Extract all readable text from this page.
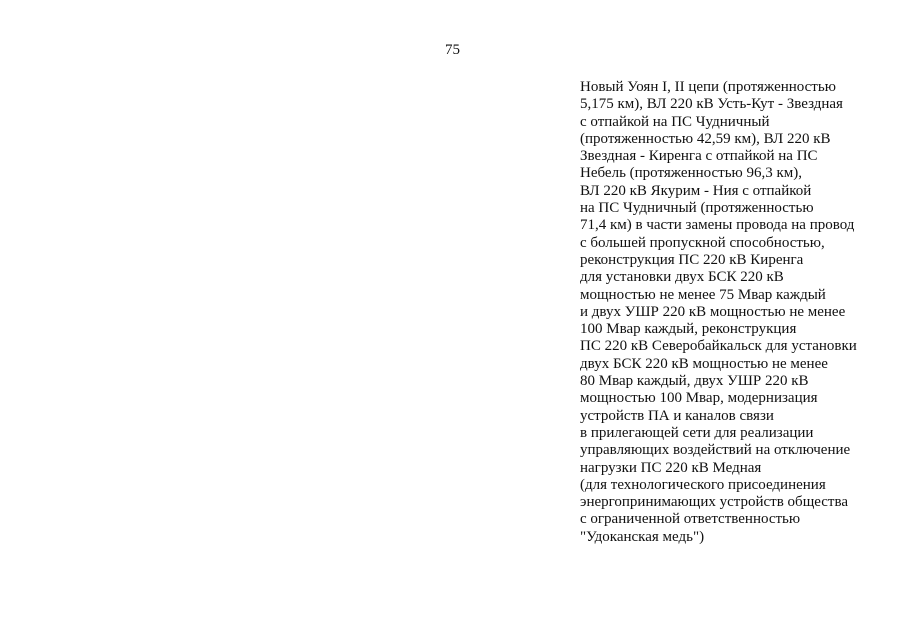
75
Новый Уоян I, II цепи (протяженностью
5,175 км), ВЛ 220 кВ Усть-Кут - Звездная
с отпайкой на ПС Чудничный
(протяженностью 42,59 км), ВЛ 220 кВ
Звездная - Киренга с отпайкой на ПС
Небель (протяженностью 96,3 км),
ВЛ 220 кВ Якурим - Ния с отпайкой
на ПС Чудничный (протяженностью
71,4 км) в части замены провода на провод
с большей пропускной способностью,
реконструкция ПС 220 кВ Киренга
для установки двух БСК 220 кВ
мощностью не менее 75 Мвар каждый
и двух УШР 220 кВ мощностью не менее
100 Мвар каждый, реконструкция
ПС 220 кВ Северобайкальск для установки
двух БСК 220 кВ мощностью не менее
80 Мвар каждый, двух УШР 220 кВ
мощностью 100 Мвар, модернизация
устройств ПА и каналов связи
в прилегающей сети для реализации
управляющих воздействий на отключение
нагрузки ПС 220 кВ Медная
(для технологического присоединения
энергопринимающих устройств общества
с ограниченной ответственностью
"Удоканская медь")
